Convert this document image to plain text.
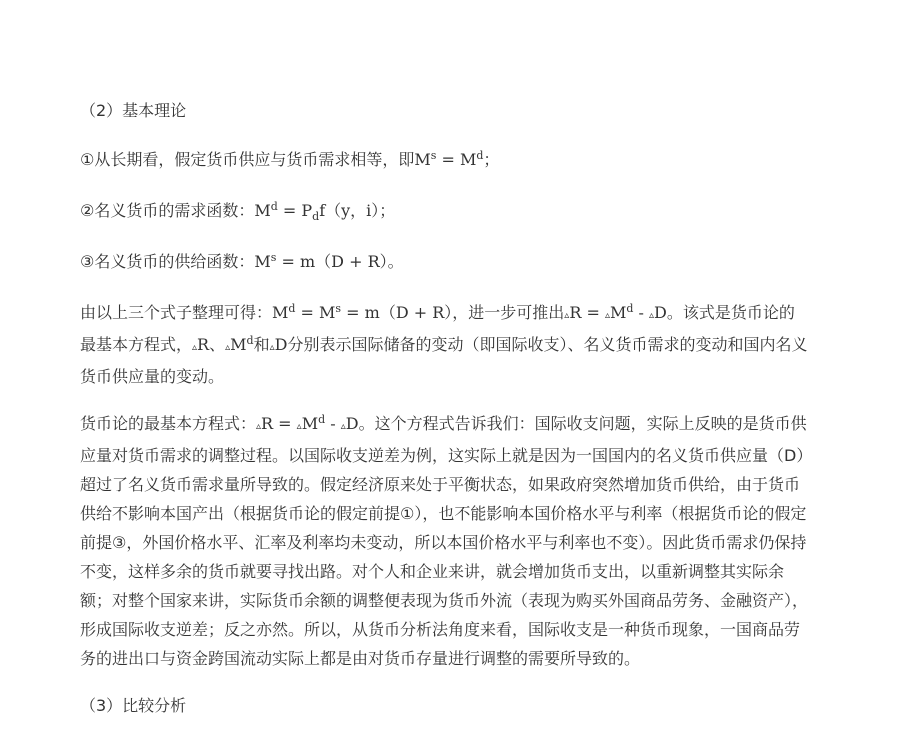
（2）基本理论

①从长期看，假定货币供应与货币需求相等，即$M^s = M^d$；

②名义货币的需求函数：$M^d = P_df(y$，i）；

③名义货币的供给函数：$M^s = m(D + R)$。

由以上三个式子整理可得：$M^d = M^s = m(D + R)$，进一步可推出▵R = $▵M^d$ - ▵D。该式是货币论的最基本方程式，▵R、$▵M^d$和▵D分别表示国际储备的变动（即国际收支）、名义货币需求的变动和国内名义货币供应量的变动。

货币论的最基本方程式：▵R = $▵M^d$ - ▵D。这个方程式告诉我们：国际收支问题，实际上反映的是货币供应量对货币需求的调整过程。以国际收支逆差为例，这实际上就是因为一国国内的名义货币供应量（D）超过了名义货币需求量所导致的。假定经济原来处于平衡状态，如果政府突然增加货币供给，由于货币供给不影响本国产出（根据货币论的假定前提①），也不能影响本国价格水平与利率（根据货币论的假定前提③，外国价格水平、汇率及利率均未变动，所以本国价格水平与利率也不变）。因此货币需求仍保持不变，这样多余的货币就要寻找出路。对个人和企业来讲，就会增加货币支出，以重新调整其实际余额；对整个国家来讲，实际货币余额的调整便表现为货币外流（表现为购买外国商品劳务、金融资产），形成国际收支逆差；反之亦然。所以，从货币分析法角度来看，国际收支是一种货币现象，一国商品劳务的进出口与资金跨国流动实际上都是由对货币存量进行调整的需要所导致的。

（3）比较分析
